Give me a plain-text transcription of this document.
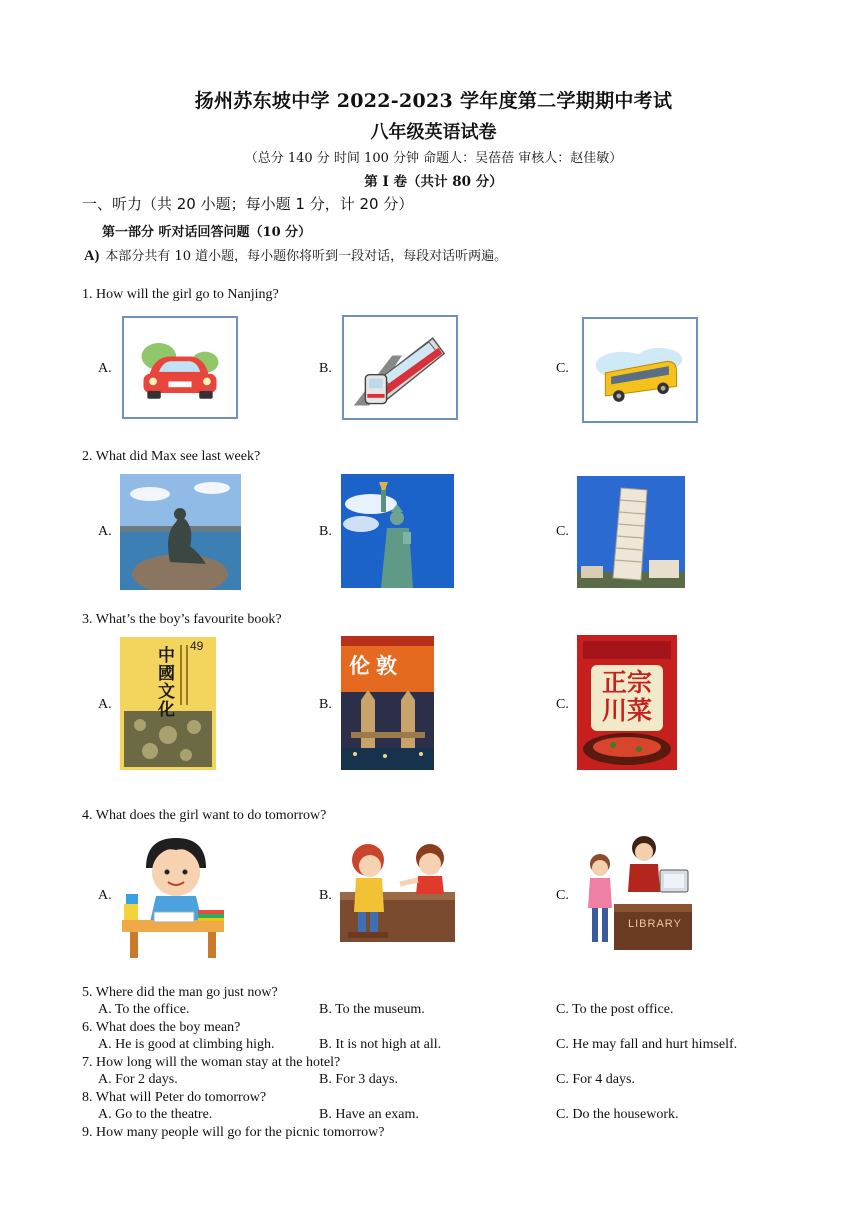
扬州苏东坡中学 2022-2023 学年度第二学期期中考试
八年级英语试卷
（总分 140 分 时间 100 分钟 命题人：吴蓓蓓 审核人：赵佳敏）
第 I 卷（共计 80 分）
一、听力（共 20 小题；每小题 1 分，计 20 分）
第一部分 听对话回答问题（10 分）
A) 本部分共有 10 道小题，每小题你将听到一段对话，每段对话听两遍。
1. How will the girl go to Nanjing?
A.	B.	C.
2. What did Max see last week?
A.	B.	C.
3. What’s the boy’s favourite book?
A.	B.	C.
49
中國文化
伦敦
正宗川菜
4. What does the girl want to do tomorrow?
A.	B.	C.
LIBRARY
5. Where did the man go just now?
A. To the office.	B. To the museum.	C. To the post office.
6. What does the boy mean?
A. He is good at climbing high.	B. It is not high at all.	C. He may fall and hurt himself.
7. How long will the woman stay at the hotel?
A. For 2 days.	B. For 3 days.	C. For 4 days.
8. What will Peter do tomorrow?
A. Go to the theatre.	B. Have an exam.	C. Do the housework.
9. How many people will go for the picnic tomorrow?
